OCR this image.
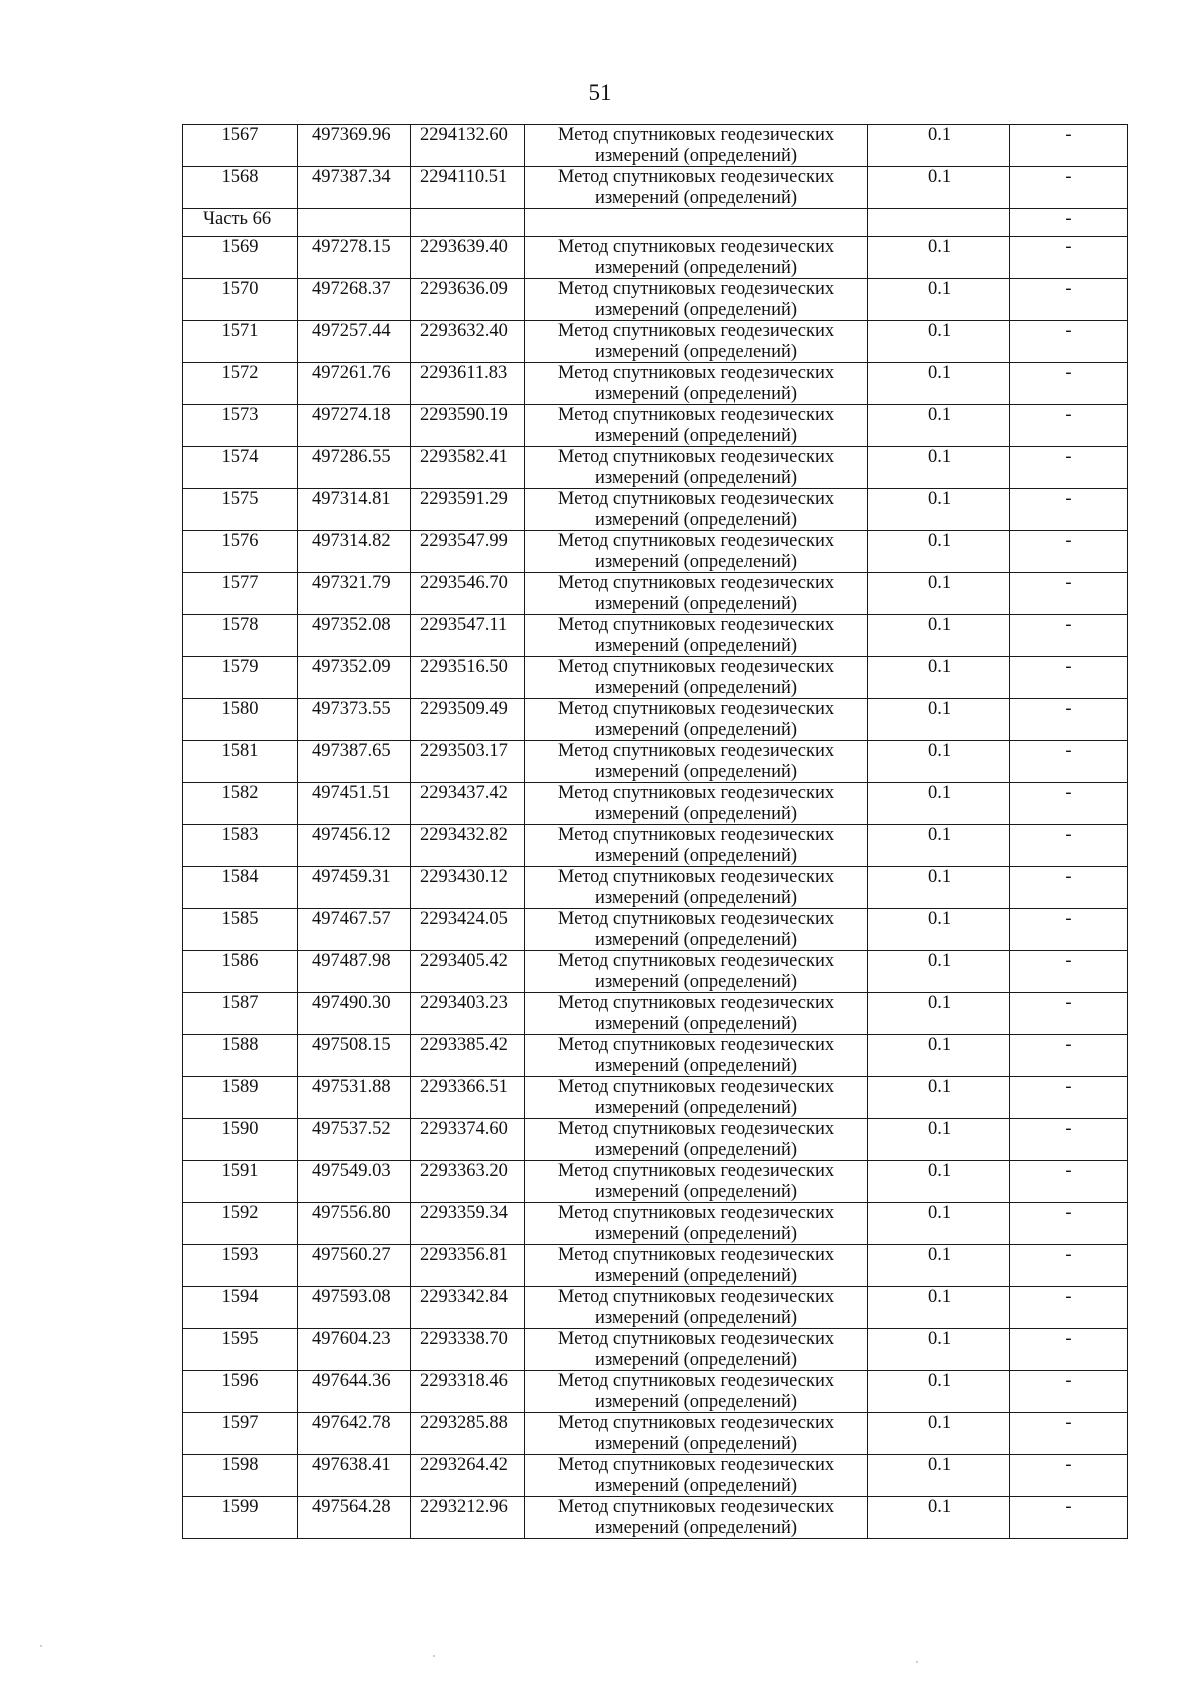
51
1567	497369.96	2294132.60	Метод спутниковых геодезических
измерений (определений)	0.1	-
1568	497387.34	2294110.51	Метод спутниковых геодезических
измерений (определений)	0.1	-
Часть 66					-
1569	497278.15	2293639.40	Метод спутниковых геодезических
измерений (определений)	0.1	-
1570	497268.37	2293636.09	Метод спутниковых геодезических
измерений (определений)	0.1	-
1571	497257.44	2293632.40	Метод спутниковых геодезических
измерений (определений)	0.1	-
1572	497261.76	2293611.83	Метод спутниковых геодезических
измерений (определений)	0.1	-
1573	497274.18	2293590.19	Метод спутниковых геодезических
измерений (определений)	0.1	-
1574	497286.55	2293582.41	Метод спутниковых геодезических
измерений (определений)	0.1	-
1575	497314.81	2293591.29	Метод спутниковых геодезических
измерений (определений)	0.1	-
1576	497314.82	2293547.99	Метод спутниковых геодезических
измерений (определений)	0.1	-
1577	497321.79	2293546.70	Метод спутниковых геодезических
измерений (определений)	0.1	-
1578	497352.08	2293547.11	Метод спутниковых геодезических
измерений (определений)	0.1	-
1579	497352.09	2293516.50	Метод спутниковых геодезических
измерений (определений)	0.1	-
1580	497373.55	2293509.49	Метод спутниковых геодезических
измерений (определений)	0.1	-
1581	497387.65	2293503.17	Метод спутниковых геодезических
измерений (определений)	0.1	-
1582	497451.51	2293437.42	Метод спутниковых геодезических
измерений (определений)	0.1	-
1583	497456.12	2293432.82	Метод спутниковых геодезических
измерений (определений)	0.1	-
1584	497459.31	2293430.12	Метод спутниковых геодезических
измерений (определений)	0.1	-
1585	497467.57	2293424.05	Метод спутниковых геодезических
измерений (определений)	0.1	-
1586	497487.98	2293405.42	Метод спутниковых геодезических
измерений (определений)	0.1	-
1587	497490.30	2293403.23	Метод спутниковых геодезических
измерений (определений)	0.1	-
1588	497508.15	2293385.42	Метод спутниковых геодезических
измерений (определений)	0.1	-
1589	497531.88	2293366.51	Метод спутниковых геодезических
измерений (определений)	0.1	-
1590	497537.52	2293374.60	Метод спутниковых геодезических
измерений (определений)	0.1	-
1591	497549.03	2293363.20	Метод спутниковых геодезических
измерений (определений)	0.1	-
1592	497556.80	2293359.34	Метод спутниковых геодезических
измерений (определений)	0.1	-
1593	497560.27	2293356.81	Метод спутниковых геодезических
измерений (определений)	0.1	-
1594	497593.08	2293342.84	Метод спутниковых геодезических
измерений (определений)	0.1	-
1595	497604.23	2293338.70	Метод спутниковых геодезических
измерений (определений)	0.1	-
1596	497644.36	2293318.46	Метод спутниковых геодезических
измерений (определений)	0.1	-
1597	497642.78	2293285.88	Метод спутниковых геодезических
измерений (определений)	0.1	-
1598	497638.41	2293264.42	Метод спутниковых геодезических
измерений (определений)	0.1	-
1599	497564.28	2293212.96	Метод спутниковых геодезических
измерений (определений)	0.1	-
